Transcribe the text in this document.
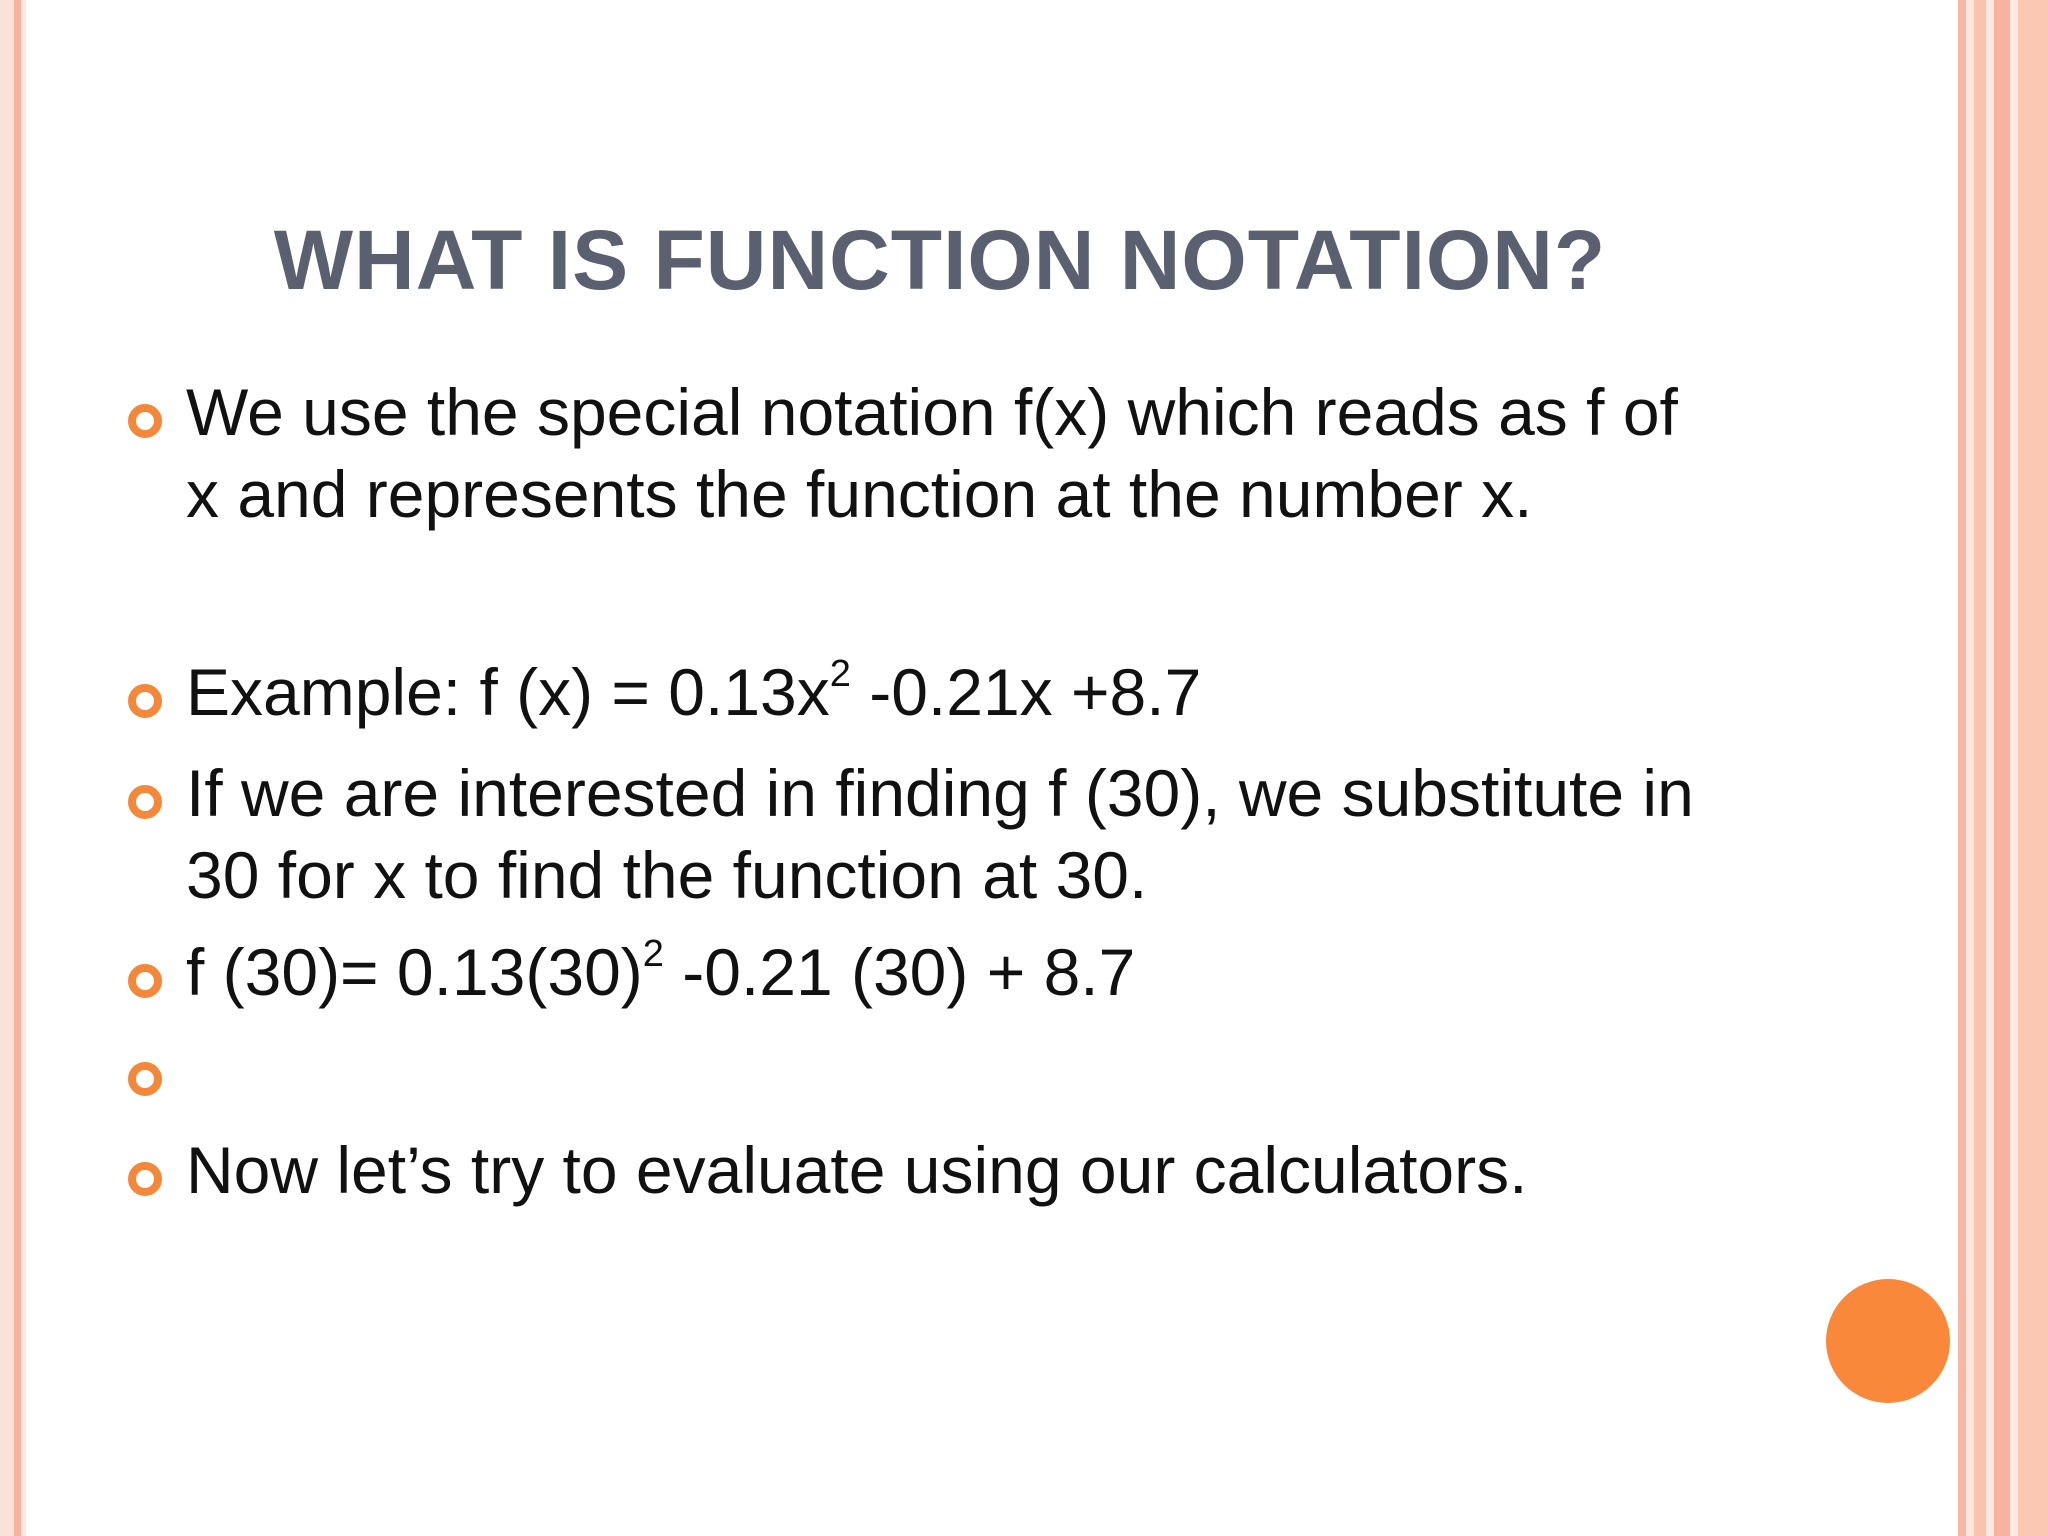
WHAT IS FUNCTION NOTATION?
We use the special notation f(x) which reads as f of
x and represents the function at the number x.
Example: f $(x) = 0.13x^2$ -0.21x +8.7
If we are interested in finding f (30), we substitute in
30 for x to find the function at 30.
f $(30)= 0.13(30)^2$ -0.21 (30) + 8.7
Now let’s try to evaluate using our calculators.
